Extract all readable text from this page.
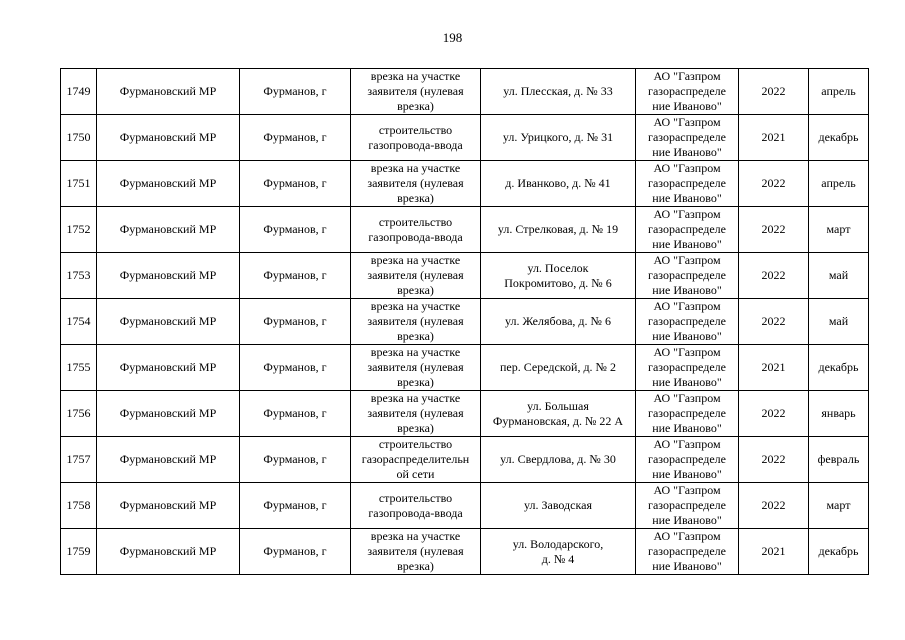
198
1749	Фурмановский МР	Фурманов, г	врезка на участке
заявителя (нулевая
врезка)	ул. Плесская, д. № 33	АО "Газпром
газораспределе
ние Иваново"	2022	апрель
1750	Фурмановский МР	Фурманов, г	строительство
газопровода-ввода	ул. Урицкого, д. № 31	АО "Газпром
газораспределе
ние Иваново"	2021	декабрь
1751	Фурмановский МР	Фурманов, г	врезка на участке
заявителя (нулевая
врезка)	д. Иванково, д. № 41	АО "Газпром
газораспределе
ние Иваново"	2022	апрель
1752	Фурмановский МР	Фурманов, г	строительство
газопровода-ввода	ул. Стрелковая, д. № 19	АО "Газпром
газораспределе
ние Иваново"	2022	март
1753	Фурмановский МР	Фурманов, г	врезка на участке
заявителя (нулевая
врезка)	ул. Поселок
Покромитово, д. № 6	АО "Газпром
газораспределе
ние Иваново"	2022	май
1754	Фурмановский МР	Фурманов, г	врезка на участке
заявителя (нулевая
врезка)	ул. Желябова, д. № 6	АО "Газпром
газораспределе
ние Иваново"	2022	май
1755	Фурмановский МР	Фурманов, г	врезка на участке
заявителя (нулевая
врезка)	пер. Середской, д. № 2	АО "Газпром
газораспределе
ние Иваново"	2021	декабрь
1756	Фурмановский МР	Фурманов, г	врезка на участке
заявителя (нулевая
врезка)	ул. Большая
Фурмановская, д. № 22 А	АО "Газпром
газораспределе
ние Иваново"	2022	январь
1757	Фурмановский МР	Фурманов, г	строительство
газораспределительн
ой сети	ул. Свердлова, д. № 30	АО "Газпром
газораспределе
ние Иваново"	2022	февраль
1758	Фурмановский МР	Фурманов, г	строительство
газопровода-ввода	ул. Заводская	АО "Газпром
газораспределе
ние Иваново"	2022	март
1759	Фурмановский МР	Фурманов, г	врезка на участке
заявителя (нулевая
врезка)	ул. Володарского,
д. № 4	АО "Газпром
газораспределе
ние Иваново"	2021	декабрь
